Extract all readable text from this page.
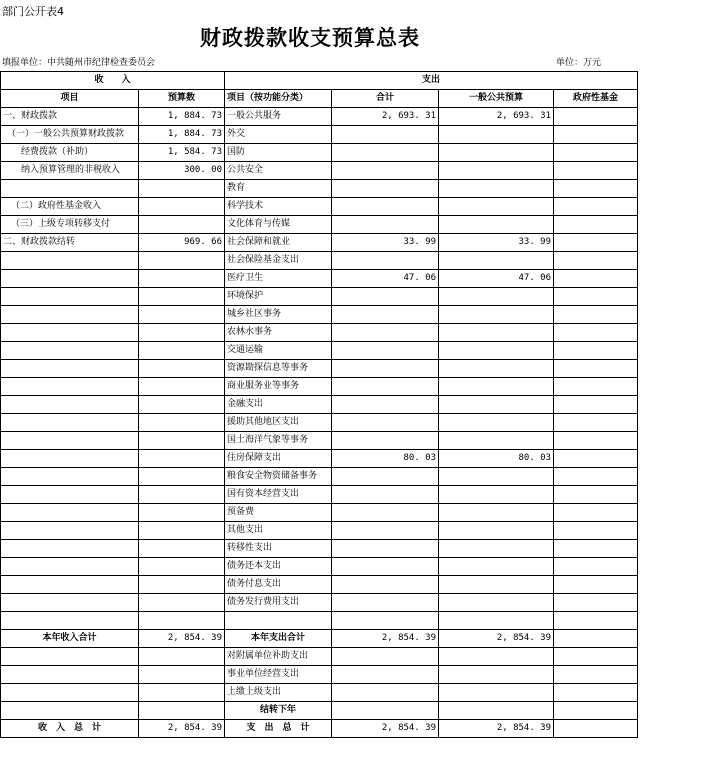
部门公开表4
财政拨款收支预算总表
填报单位：中共随州市纪律检查委员会	单位：万元
收　　入		支出			
项目	预算数	项目（按功能分类）	合计	一般公共预算	政府性基金
一、财政拨款	1, 884. 73	一般公共服务	2, 693. 31	2, 693. 31	
（一）一般公共预算财政拨款	1, 884. 73	外交			
经费拨款（补助）	1, 584. 73	国防			
纳入预算管理的非税收入	300. 00	公共安全			
		教育			
（二）政府性基金收入		科学技术			
（三）上级专项转移支付		文化体育与传媒			
二、财政拨款结转	969. 66	社会保障和就业	33. 99	33. 99	
		社会保险基金支出			
		医疗卫生	47. 06	47. 06	
		环境保护			
		城乡社区事务			
		农林水事务			
		交通运输			
		资源勘探信息等事务			
		商业服务业等事务			
		金融支出			
		援助其他地区支出			
		国土海洋气象等事务			
		住房保障支出	80. 03	80. 03	
		粮食安全物资储备事务			
		国有资本经营支出			
		预备费			
		其他支出			
		转移性支出			
		债务还本支出			
		债务付息支出			
		债务发行费用支出			

本年收入合计	2, 854. 39	本年支出合计	2, 854. 39	2, 854. 39	
		对附属单位补助支出			
		事业单位经营支出			
		上缴上级支出			
		结转下年			
收　入　总　计	2, 854. 39	支　出　总　计	2, 854. 39	2, 854. 39	
